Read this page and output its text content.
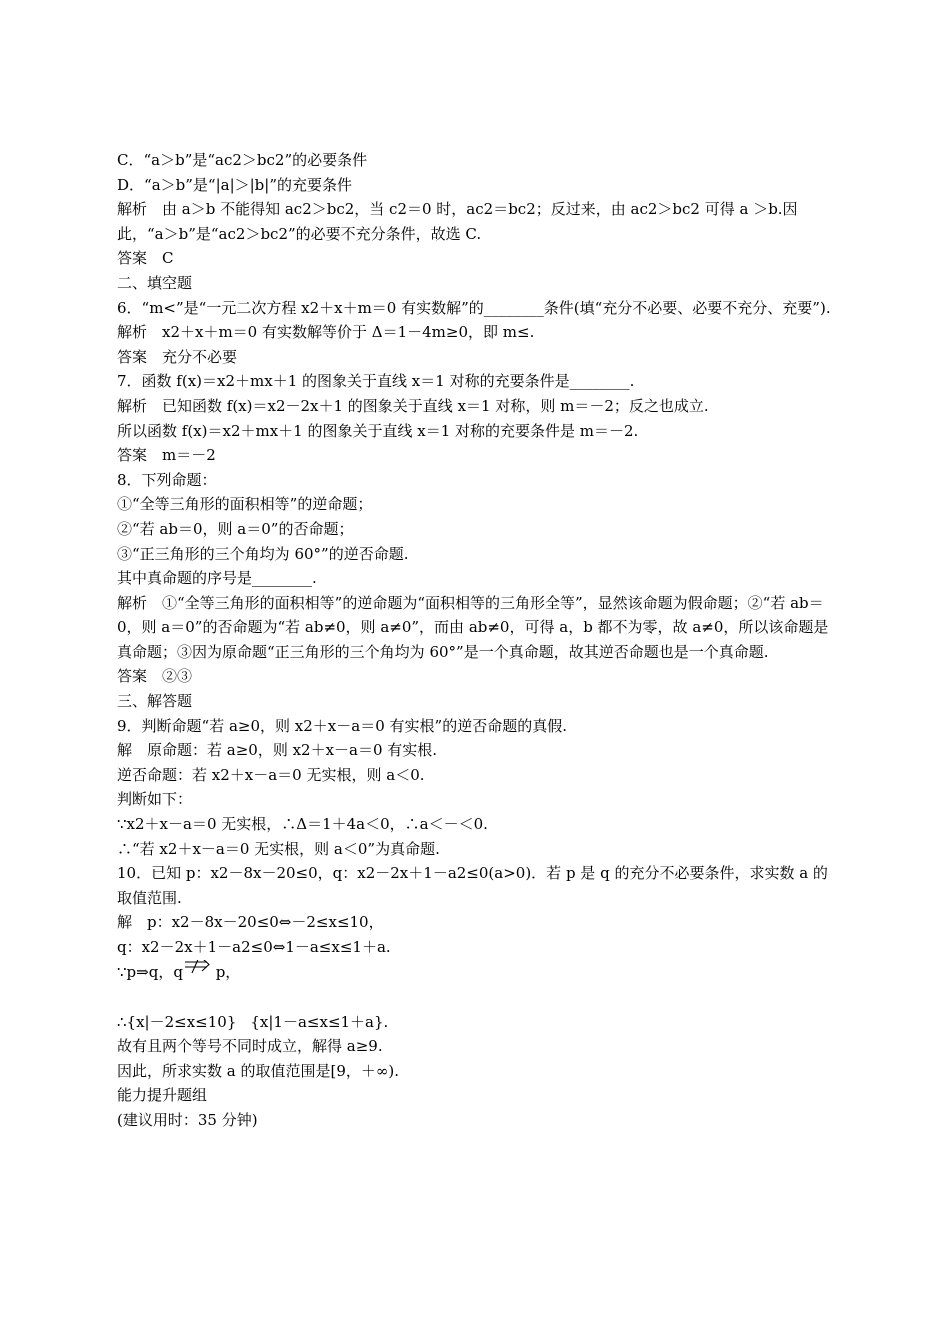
C．“a＞b”是“ac2＞bc2”的必要条件
D．“a＞b”是“|a|＞|b|”的充要条件
解析　由 a＞b 不能得知 ac2＞bc2，当 c2＝0 时，ac2＝bc2；反过来，由 ac2＞bc2 可得 a ＞b.因此，“a＞b”是“ac2＞bc2”的必要不充分条件，故选 C.
答案　C
二、填空题
6．“m<”是“一元二次方程 x2＋x＋m＝0 有实数解”的________条件(填“充分不必要、必要不充分、充要”).
解析　x2＋x＋m＝0 有实数解等价于 Δ＝1－4m≥0，即 m≤.
答案　充分不必要
7．函数 f(x)＝x2＋mx＋1 的图象关于直线 x＝1 对称的充要条件是________.
解析　已知函数 f(x)＝x2－2x＋1 的图象关于直线 x＝1 对称，则 m＝－2；反之也成立.
所以函数 f(x)＝x2＋mx＋1 的图象关于直线 x＝1 对称的充要条件是 m＝－2.
答案　m＝－2
8．下列命题：
①“全等三角形的面积相等”的逆命题；
②“若 ab＝0，则 a＝0”的否命题；
③“正三角形的三个角均为 60°”的逆否命题.
其中真命题的序号是________.
解析　①“全等三角形的面积相等”的逆命题为“面积相等的三角形全等”，显然该命题为假命题；②“若 ab＝0，则 a＝0”的否命题为“若 ab≠0，则 a≠0”，而由 ab≠0，可得 a，b 都不为零，故 a≠0，所以该命题是真命题；③因为原命题“正三角形的三个角均为 60°”是一个真命题，故其逆否命题也是一个真命题.
答案　②③
三、解答题
9．判断命题“若 a≥0，则 x2＋x－a＝0 有实根”的逆否命题的真假.
解　原命题：若 a≥0，则 x2＋x－a＝0 有实根.
逆否命题：若 x2＋x－a＝0 无实根，则 a＜0.
判断如下：
∵x2＋x－a＝0 无实根，∴Δ＝1＋4a＜0，∴a＜－＜0.
∴“若 x2＋x－a＝0 无实根，则 a＜0”为真命题.
10．已知 p：x2－8x－20≤0，q：x2－2x＋1－a2≤0(a>0)．若 p 是 q 的充分不必要条件，求实数 a 的取值范围.
解　p：x2－8x－20≤0⇔－2≤x≤10，
q：x2－2x＋1－a2≤0⇔1－a≤x≤1＋a.
∵p⇒q，q
p，
∴{x|－2≤x≤10} {x|1－a≤x≤1＋a}.
故有且两个等号不同时成立，解得 a≥9.
因此，所求实数 a 的取值范围是[9，＋∞).
能力提升题组
(建议用时：35 分钟)
